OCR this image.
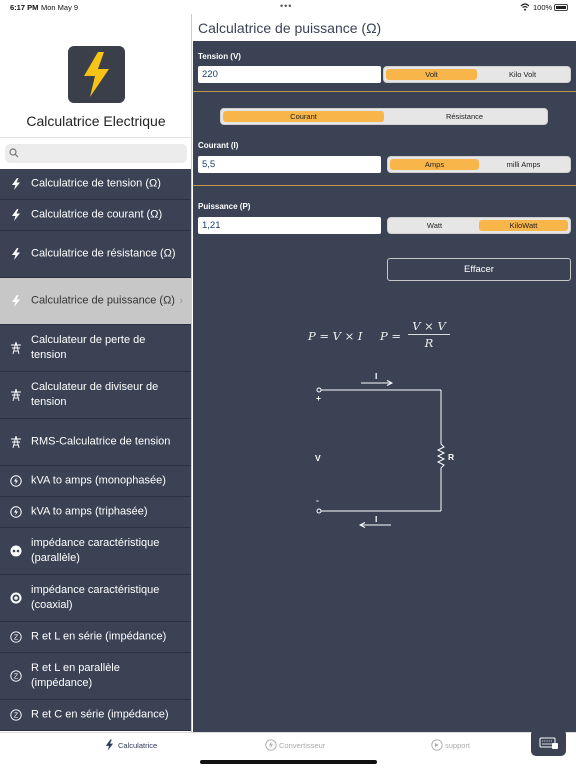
6:17 PM Mon May 9	•••	100%
Calculatrice Electrique
Calculatrice de tension (Ω)
Calculatrice de courant (Ω)
Calculatrice de résistance (Ω)
Calculatrice de puissance (Ω) ›
Calculateur de perte de tension
Calculateur de diviseur de tension
RMS-Calculatrice de tension
kVA to amps (monophasée)
kVA to amps (triphasée)
impédance caractéristique (parallèle)
impédance caractéristique (coaxial)
Z R et L en série (impédance)
Z
R et L en parallèle (impédance)
Z R et C en série (impédance)
Calculatrice de puissance (Ω)
Tension (V)
220	Volt	Kilo Volt
Courant	Résistance
Courant (I)
5,5	Amps	milli Amps
Puissance (P)
1,21	Watt	KiloWatt
Effacer
P = V × I $P = \frac{V \times V}{R}$
I
+
V	R
-
I
Calculatrice	Convertisseur	support
